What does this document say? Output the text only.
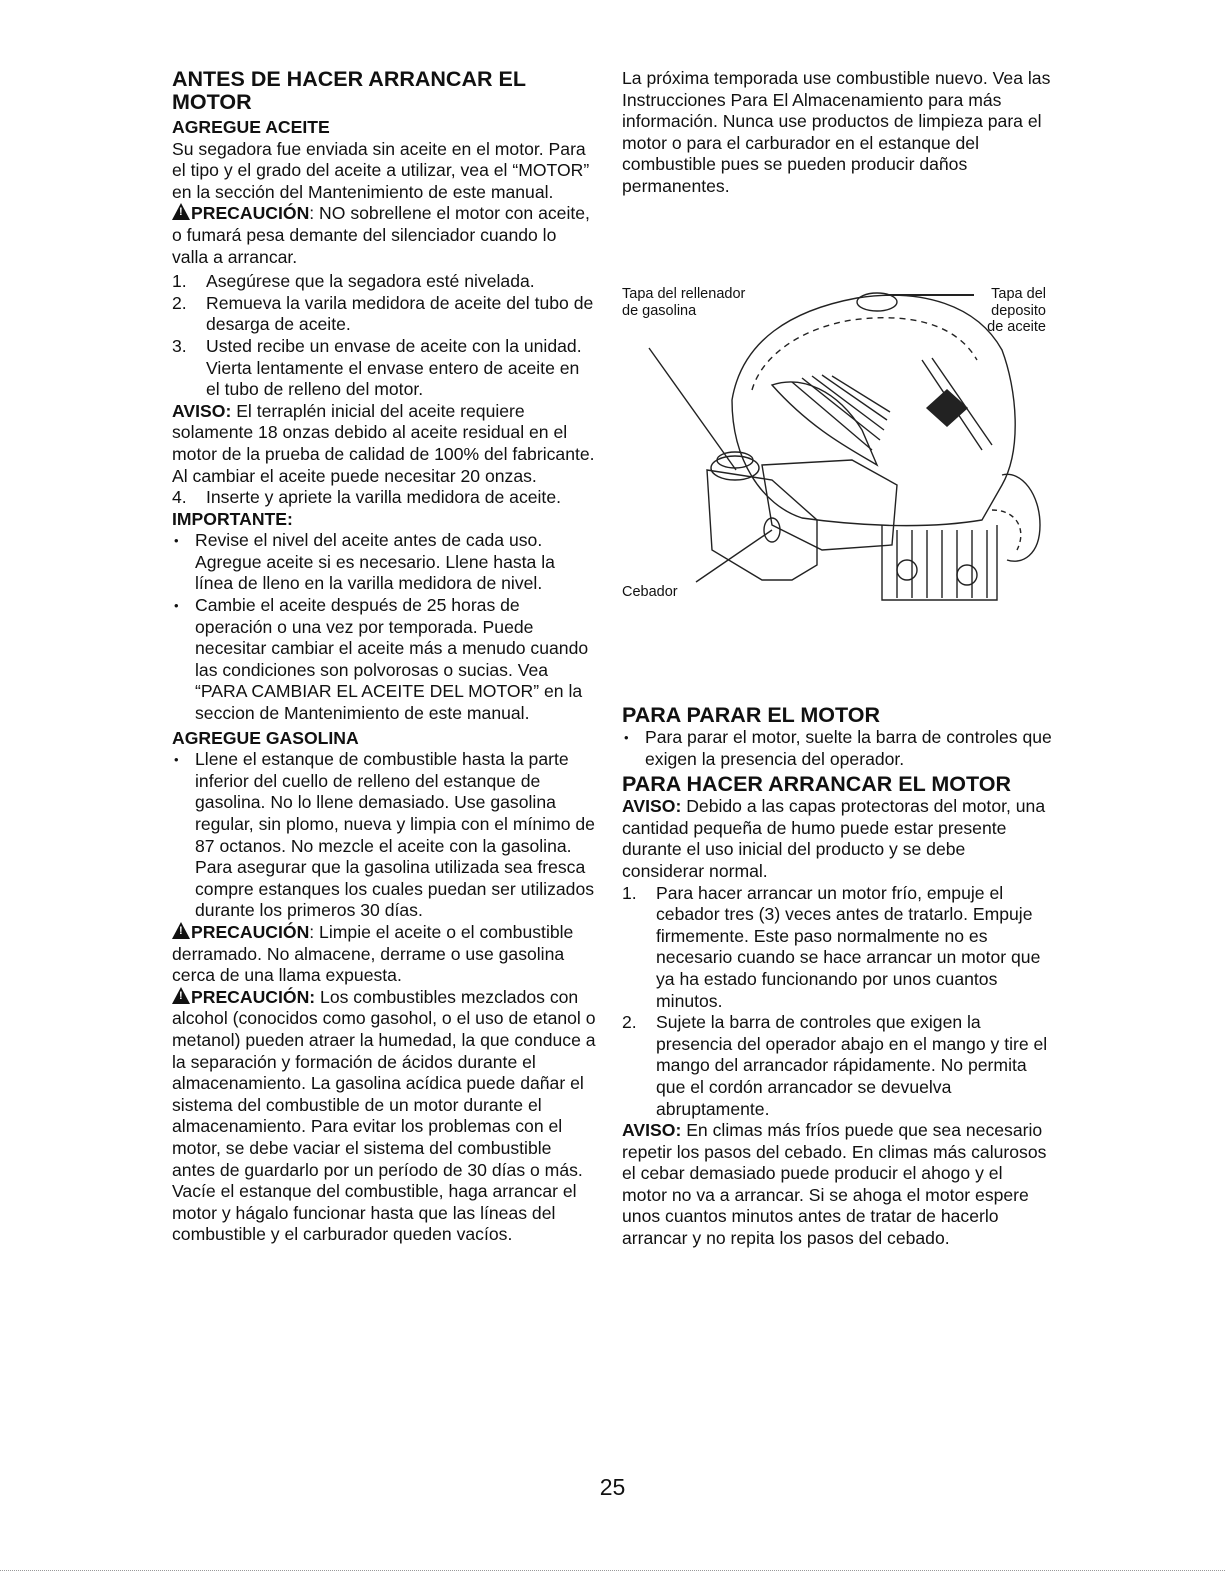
ANTES DE HACER ARRANCAR EL MOTOR
AGREGUE ACEITE

Su segadora fue enviada sin aceite en el motor. Para el tipo y el grado del aceite a utilizar, vea el “MOTOR” en la sección del Mantenimiento de este manual.

!PRECAUCIÓN: NO sobrellene el motor con aceite, o fumará pesa demante del silenciador cuando lo valla a arrancar.

1. Asegúrese que la segadora esté nivelada.
2. Remueva la varila medidora de aceite del tubo de desarga de aceite.
3. Usted recibe un envase de aceite con la unidad. Vierta lentamente el envase entero de aceite en el tubo de relleno del motor.

AVISO: El terraplén inicial del aceite requiere solamente 18 onzas debido al aceite residual en el motor de la prueba de calidad de 100% del fabricante. Al cambiar el aceite puede necesitar 20 onzas.

4. Inserte y apriete la varilla medidora de aceite.
IMPORTANTE:
• Revise el nivel del aceite antes de cada uso. Agregue aceite si es necesario. Llene hasta la línea de lleno en la varilla medidora de nivel.
• Cambie el aceite después de 25 horas de operación o una vez por temporada. Puede necesitar cambiar el aceite más a menudo cuando las condiciones son polvorosas o sucias. Vea “PARA CAMBIAR EL ACEITE DEL MOTOR” en la seccion de Mantenimiento de este manual.
AGREGUE GASOLINA
• Llene el estanque de combustible hasta la parte inferior del cuello de relleno del estanque de gasolina. No lo llene demasiado. Use gasolina regular, sin plomo, nueva y limpia con el mínimo de 87 octanos. No mezcle el aceite con la gasolina. Para asegurar que la gasolina utilizada sea fresca compre estanques los cuales puedan ser utilizados durante los primeros 30 días.

!PRECAUCIÓN: Limpie el aceite o el combustible derramado. No almacene, derrame o use gasolina cerca de una llama expuesta.

!PRECAUCIÓN: Los combustibles mezclados con alcohol (conocidos como gasohol, o el uso de etanol o metanol) pueden atraer la humedad, la que conduce a la separación y formación de ácidos durante el almacenamiento. La gasolina acídica puede dañar el sistema del combustible de un motor durante el almacenamiento. Para evitar los problemas con el motor, se debe vaciar el sistema del combustible antes de guardarlo por un período de 30 días o más. Vacíe el estanque del combustible, haga arrancar el motor y hágalo funcionar hasta que las líneas del combustible y el carburador queden vacíos.

La próxima temporada use combustible nuevo. Vea las Instrucciones Para El Almacenamiento para más información. Nunca use productos de limpieza para el motor o para el carburador en el estanque del combustible pues se pueden producir daños permanentes.

Tapa del rellenador de gasolina
Tapa del deposito de aceite
Cebador
PARA PARAR EL MOTOR
• Para parar el motor, suelte la barra de controles que exigen la presencia del operador.
PARA HACER ARRANCAR EL MOTOR

AVISO: Debido a las capas protectoras del motor, una cantidad pequeña de humo puede estar presente durante el uso inicial del producto y se debe considerar normal.

1. Para hacer arrancar un motor frío, empuje el cebador tres (3) veces antes de tratarlo. Empuje firmemente. Este paso normalmente no es necesario cuando se hace arrancar un motor que ya ha estado funcionando por unos cuantos minutos.
2. Sujete la barra de controles que exigen la presencia del operador abajo en el mango y tire el mango del arrancador rápidamente. No permita que el cordón arrancador se devuelva abruptamente.

AVISO: En climas más fríos puede que sea necesario repetir los pasos del cebado. En climas más calurosos el cebar demasiado puede producir el ahogo y el motor no va a arrancar. Si se ahoga el motor espere unos cuantos minutos antes de tratar de hacerlo arrancar y no repita los pasos del cebado.

25
